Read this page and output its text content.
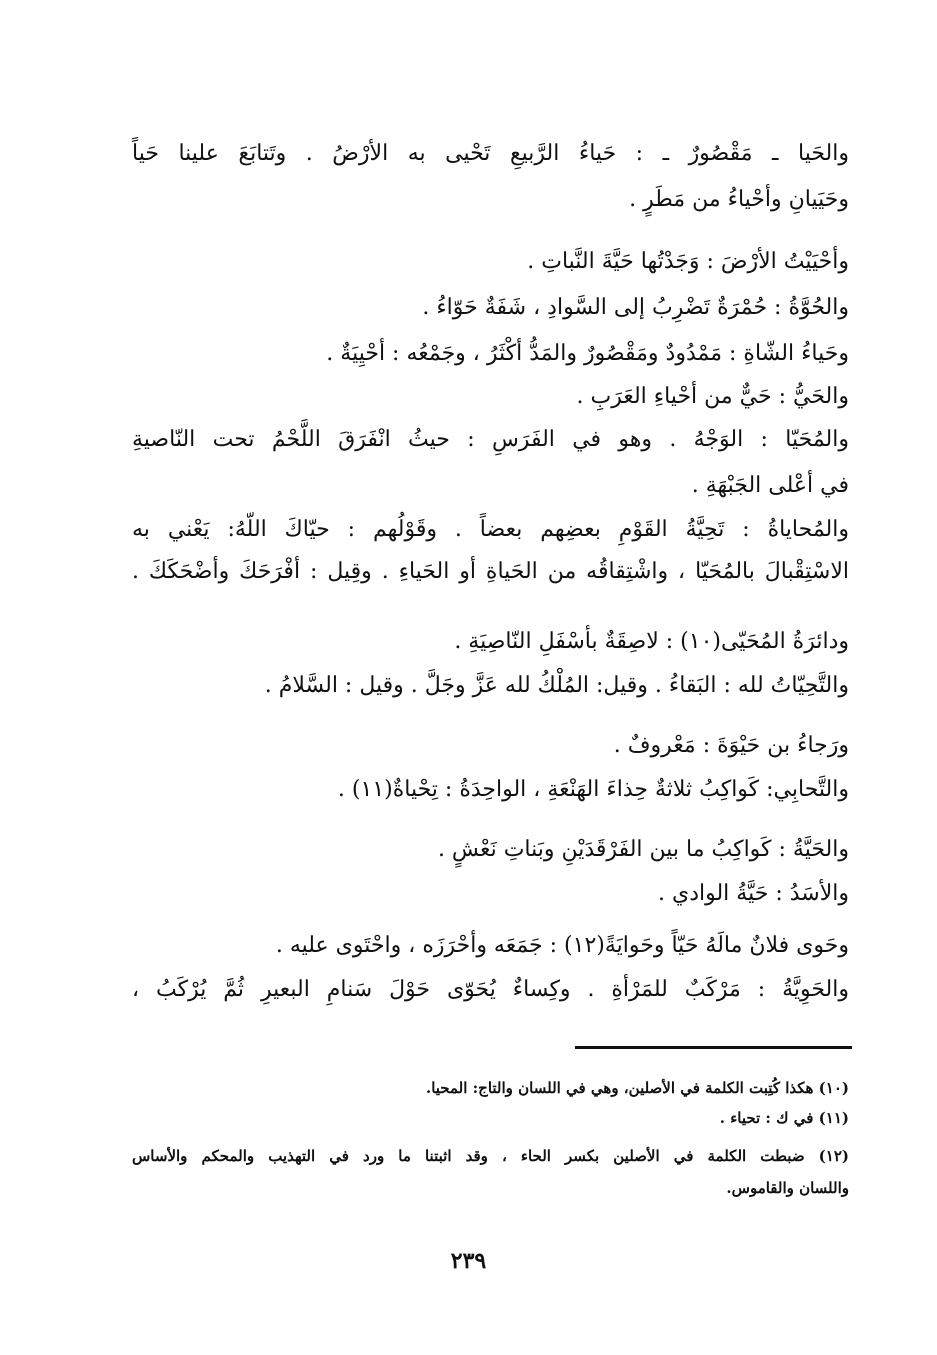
والحَيا ـ مَقْصُورٌ ـ : حَياءُ الرَّبيعِ تَحْيى به الأرْضُ . وتَتابَعَ علينا حَياً
وحَيَيانِ وأحْياءُ من مَطَرٍ .
وأحْيَيْتُ الأرْضَ : وَجَدْتُها حَيَّةَ النَّباتِ .
والحُوَّةُ : حُمْرَةٌ تَضْرِبُ إلى السَّوادِ ، شَفَةٌ حَوّاءُ .
وحَياءُ الشّاةِ : مَمْدُودٌ ومَقْصُورٌ والمَدُّ أكْثَرُ ، وجَمْعُه : أحْيِيَةٌ .
والحَيُّ : حَيٌّ من أحْياءِ العَرَبِ .
والمُحَيّا : الوَجْهُ . وهو في الفَرَسِ : حيثُ انْفَرَقَ اللَّحْمُ تحت النّاصيةِ
في أعْلى الجَبْهَةِ .
والمُحاياةُ : تَحِيَّةُ القَوْمِ بعضِهم بعضاً . وقَوْلُهم : حيّاكَ اللّهُ: يَعْني به
الاسْتِقْبالَ بالمُحَيّا ، واشْتِقاقُه من الحَياةِ أو الحَياءِ . وقِيل : أفْرَحَكَ وأضْحَكَكَ .
ودائرَةُ المُحَيّى(١٠) : لاصِقَةٌ بأسْفَلِ النّاصِيَةِ .
والتَّحِيّاتُ لله : البَقاءُ . وقيل: المُلْكُ لله عَزَّ وجَلَّ . وقيل : السَّلامُ .
ورَجاءُ بن حَيْوَةَ : مَعْروفٌ .
والتَّحابِي: كَواكِبُ ثلاثةٌ حِذاءَ الهَنْعَةِ ، الواحِدَةُ : تِحْياةٌ(١١) .
والحَيَّةُ : كَواكِبُ ما بين الفَرْقَدَيْنِ وبَناتِ نَعْشٍ .
والأسَدُ : حَيَّةُ الوادي .
وحَوى فلانٌ مالَهُ حَيّاً وحَوايَةً(١٢) : جَمَعَه وأحْرَزَه ، واحْتَوى عليه .
والحَوِيَّةُ : مَرْكَبٌ للمَرْأةِ . وكِساءٌ يُحَوّى حَوْلَ سَنامِ البعيرِ ثُمَّ يُرْكَبُ ،
(١٠) هكذا كُتِبت الكلمة في الأصلين، وهي في اللسان والتاج: المحيا.
(١١) في ك : تحياء .
(١٢) ضبطت الكلمة في الأصلين بكسر الحاء ، وقد اثبتنا ما ورد في التهذيب والمحكم والأساس
واللسان والقاموس.
٢٣٩
